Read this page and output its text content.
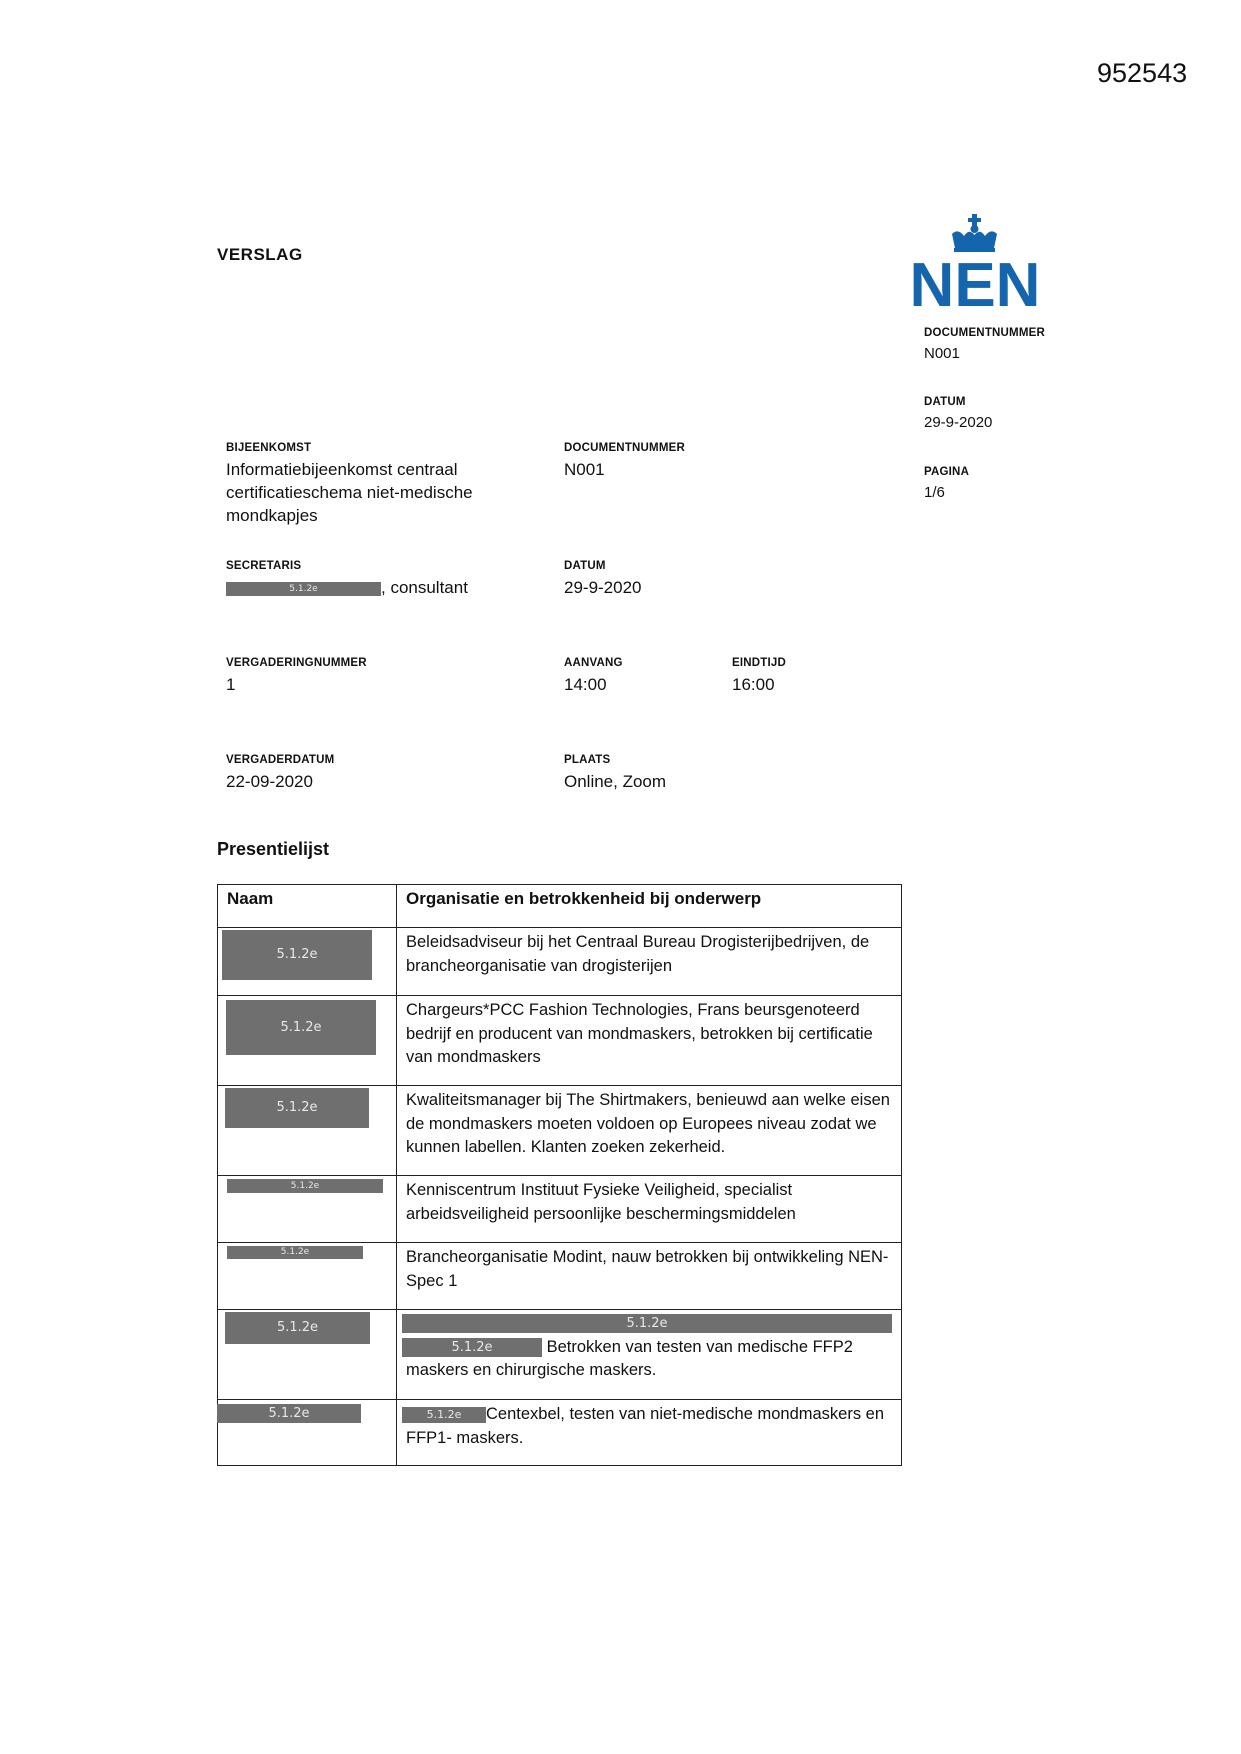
952543
VERSLAG	NEN
DOCUMENTNUMMER
N001
DATUM
29-9-2020
PAGINA
1/6
BIJEENKOMST
Informatiebijeenkomst centraal certificatieschema niet-medische mondkapjes
DOCUMENTNUMMER
N001
SECRETARIS
5.1.2e	, consultant
DATUM
29-9-2020
VERGADERINGNUMMER
1
AANVANG
14:00
EINDTIJD
16:00
VERGADERDATUM
22-09-2020
PLAATS
Online, Zoom
Presentielijst
Naam	Organisatie en betrokkenheid bij onderwerp

5.1.2e	Beleidsadviseur bij het Centraal Bureau Drogisterijbedrijven, de brancheorganisatie van drogisterijen

5.1.2e	Chargeurs*PCC Fashion Technologies, Frans beursgenoteerd bedrijf en producent van mondmaskers, betrokken bij certificatie van mondmaskers

5.1.2e	Kwaliteitsmanager bij The Shirtmakers, benieuwd aan welke eisen de mondmaskers moeten voldoen op Europees niveau zodat we kunnen labellen. Klanten zoeken zekerheid.

5.1.2e	Kenniscentrum Instituut Fysieke Veiligheid, specialist arbeidsveiligheid persoonlijke beschermingsmiddelen

5.1.2e	Brancheorganisatie Modint, nauw betrokken bij ontwikkeling NEN-Spec 1

5.1.2e	5.1.2e
5.1.2e Betrokken van testen van medische FFP2 maskers en chirurgische maskers.

5.1.2e	5.1.2e Centexbel, testen van niet-medische mondmaskers en FFP1- maskers.
